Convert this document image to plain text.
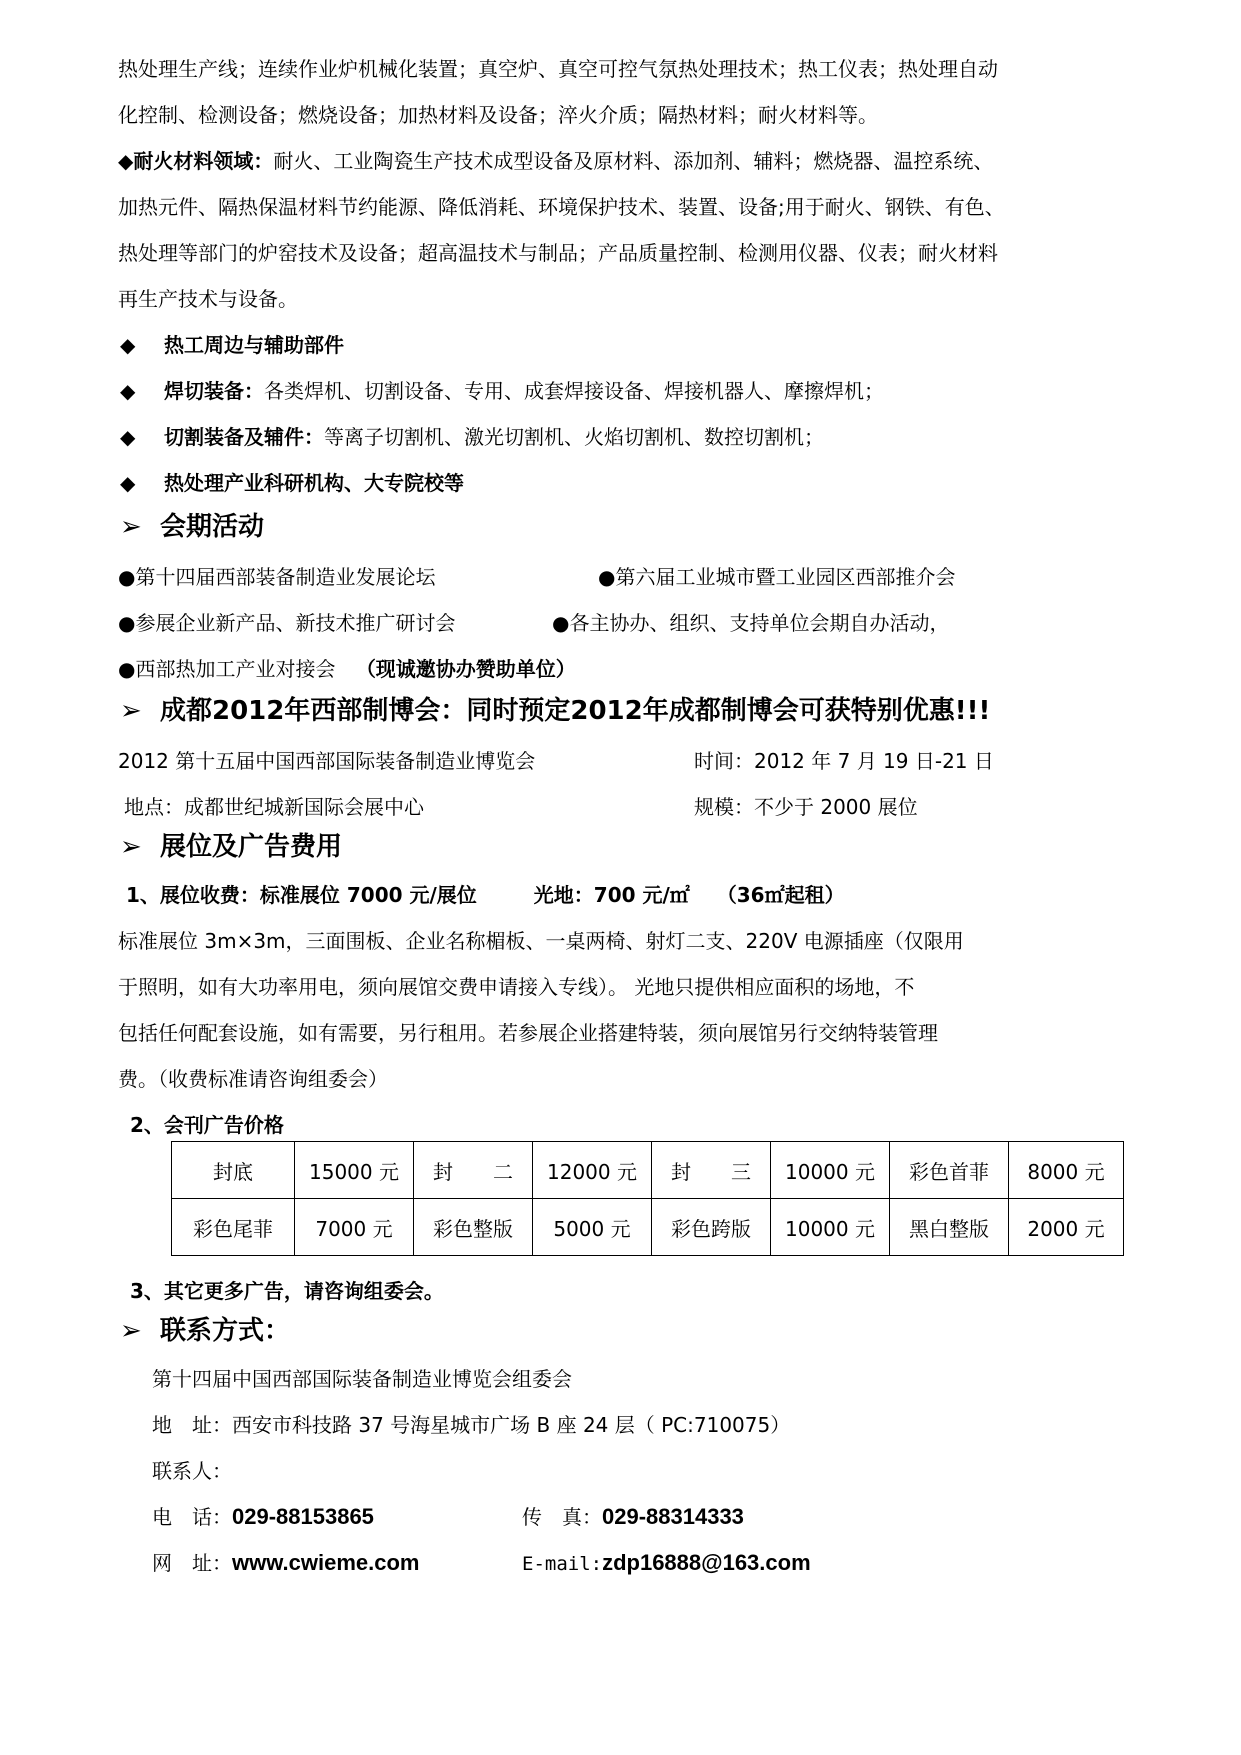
热处理生产线；连续作业炉机械化装置；真空炉、真空可控气氛热处理技术；热工仪表；热处理自动
化控制、检测设备；燃烧设备；加热材料及设备；淬火介质；隔热材料；耐火材料等。
◆耐火材料领域：耐火、工业陶瓷生产技术成型设备及原材料、添加剂、辅料；燃烧器、温控系统、
加热元件、隔热保温材料节约能源、降低消耗、环境保护技术、装置、设备;用于耐火、钢铁、有色、
热处理等部门的炉窑技术及设备；超高温技术与制品；产品质量控制、检测用仪器、仪表；耐火材料
再生产技术与设备。
◆ 热工周边与辅助部件
◆ 焊切装备：各类焊机、切割设备、专用、成套焊接设备、焊接机器人、摩擦焊机；
◆ 切割装备及辅件：等离子切割机、激光切割机、火焰切割机、数控切割机；
◆ 热处理产业科研机构、大专院校等
➢ 会期活动
●第十四届西部装备制造业发展论坛	●第六届工业城市暨工业园区西部推介会
●参展企业新产品、新技术推广研讨会	●各主协办、组织、支持单位会期自办活动，
●西部热加工产业对接会 （现诚邀协办赞助单位）
➢ 成都2012年西部制博会：同时预定2012年成都制博会可获特别优惠!!!
2012 第十五届中国西部国际装备制造业博览会	时间：2012 年 7 月 19 日-21 日
地点：成都世纪城新国际会展中心	规模：不少于 2000 展位
➢ 展位及广告费用
1、展位收费：标准展位 7000 元/展位	光地：700 元/㎡ （36㎡起租）
标准展位 3m×3m，三面围板、企业名称楣板、一桌两椅、射灯二支、220V 电源插座（仅限用
于照明，如有大功率用电，须向展馆交费申请接入专线）。 光地只提供相应面积的场地，不
包括任何配套设施，如有需要，另行租用。若参展企业搭建特装，须向展馆另行交纳特装管理
费。（收费标准请咨询组委会）
2、会刊广告价格
封底	15000 元	封　　二	12000 元	封　　三	10000 元	彩色首菲	8000 元
彩色尾菲	7000 元	彩色整版	5000 元	彩色跨版	10000 元	黑白整版	2000 元
3、其它更多广告，请咨询组委会。
➢ 联系方式：
第十四届中国西部国际装备制造业博览会组委会
地　址：西安市科技路 37 号海星城市广场 B 座 24 层（ PC:710075）
联系人：
电　话：029-88153865	传　真：029-88314333
网　址：www.cwieme.com	E-mail:zdp16888@163.com
